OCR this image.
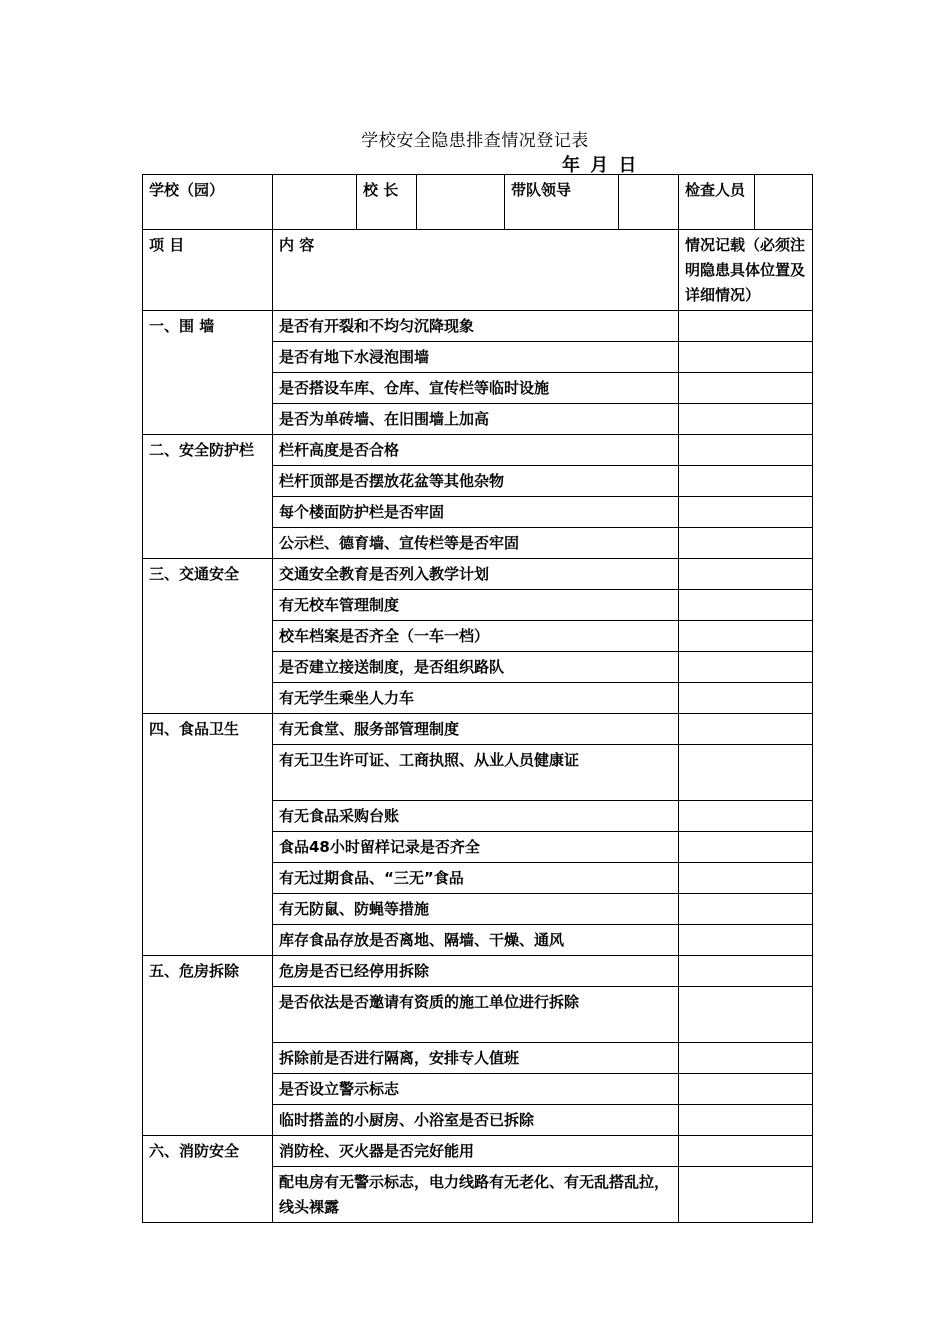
学校安全隐患排查情况登记表
年 月 日
学校（园）		校 长		带队领导		检查人员	
项 目	内 容					情况记载（必须注明隐患具体位置及详细情况）	
一、围 墙	是否有开裂和不均匀沉降现象						
	是否有地下水浸泡围墙						
	是否搭设车库、仓库、宣传栏等临时设施						
	是否为单砖墙、在旧围墙上加高						
二、安全防护栏	栏杆高度是否合格						
	栏杆顶部是否摆放花盆等其他杂物						
	每个楼面防护栏是否牢固						
	公示栏、德育墙、宣传栏等是否牢固						
三、交通安全	交通安全教育是否列入教学计划						
	有无校车管理制度						
	校车档案是否齐全（一车一档）						
	是否建立接送制度，是否组织路队						
	有无学生乘坐人力车						
四、食品卫生	有无食堂、服务部管理制度						
	有无卫生许可证、工商执照、从业人员健康证						
	有无食品采购台账						
	食品48小时留样记录是否齐全						
	有无过期食品、“三无”食品						
	有无防鼠、防蝇等措施						
	库存食品存放是否离地、隔墙、干燥、通风						
五、危房拆除	危房是否已经停用拆除						
	是否依法是否邀请有资质的施工单位进行拆除						
	拆除前是否进行隔离，安排专人值班						
	是否设立警示标志						
	临时搭盖的小厨房、小浴室是否已拆除						
六、消防安全	消防栓、灭火器是否完好能用						
	配电房有无警示标志，电力线路有无老化、有无乱搭乱拉，线头裸露						
